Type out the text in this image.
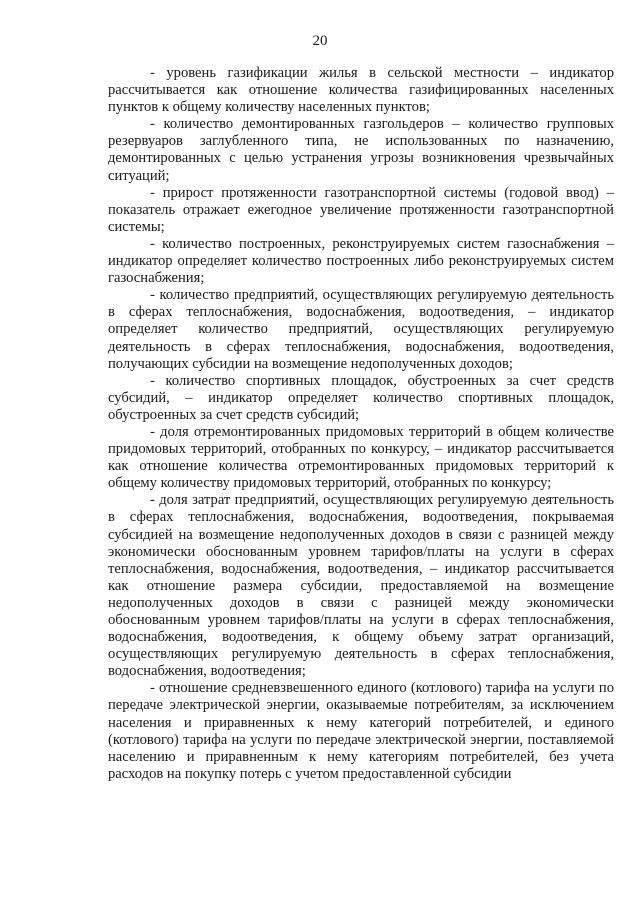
20

- уровень газификации жилья в сельской местности – индикатор рассчитывается как отношение количества газифицированных населенных пунктов к общему количеству населенных пунктов;

- количество демонтированных газгольдеров – количество групповых резервуаров заглубленного типа, не использованных по назначению, демонтированных с целью устранения угрозы возникновения чрезвычайных ситуаций;

- прирост протяженности газотранспортной системы (годовой ввод) – показатель отражает ежегодное увеличение протяженности газотранспортной системы;

- количество построенных, реконструируемых систем газоснабжения – индикатор определяет количество построенных либо реконструируемых систем газоснабжения;

- количество предприятий, осуществляющих регулируемую деятельность в сферах теплоснабжения, водоснабжения, водоотведения, – индикатор определяет количество предприятий, осуществляющих регулируемую деятельность в сферах теплоснабжения, водоснабжения, водоотведения, получающих субсидии на возмещение недополученных доходов;

- количество спортивных площадок, обустроенных за счет средств субсидий, – индикатор определяет количество спортивных площадок, обустроенных за счет средств субсидий;

- доля отремонтированных придомовых территорий в общем количестве придомовых территорий, отобранных по конкурсу, – индикатор рассчитывается как отношение количества отремонтированных придомовых территорий к общему количеству придомовых территорий, отобранных по конкурсу;

- доля затрат предприятий, осуществляющих регулируемую деятельность в сферах теплоснабжения, водоснабжения, водоотведения, покрываемая субсидией на возмещение недополученных доходов в связи с разницей между экономически обоснованным уровнем тарифов/платы на услуги в сферах теплоснабжения, водоснабжения, водоотведения, – индикатор рассчитывается как отношение размера субсидии, предоставляемой на возмещение недополученных доходов в связи с разницей между экономически обоснованным уровнем тарифов/платы на услуги в сферах теплоснабжения, водоснабжения, водоотведения, к общему объему затрат организаций, осуществляющих регулируемую деятельность в сферах теплоснабжения, водоснабжения, водоотведения;

- отношение средневзвешенного единого (котлового) тарифа на услуги по передаче электрической энергии, оказываемые потребителям, за исключением населения и приравненных к нему категорий потребителей, и единого (котлового) тарифа на услуги по передаче электрической энергии, поставляемой населению и приравненным к нему категориям потребителей, без учета расходов на покупку потерь с учетом предоставленной субсидии
